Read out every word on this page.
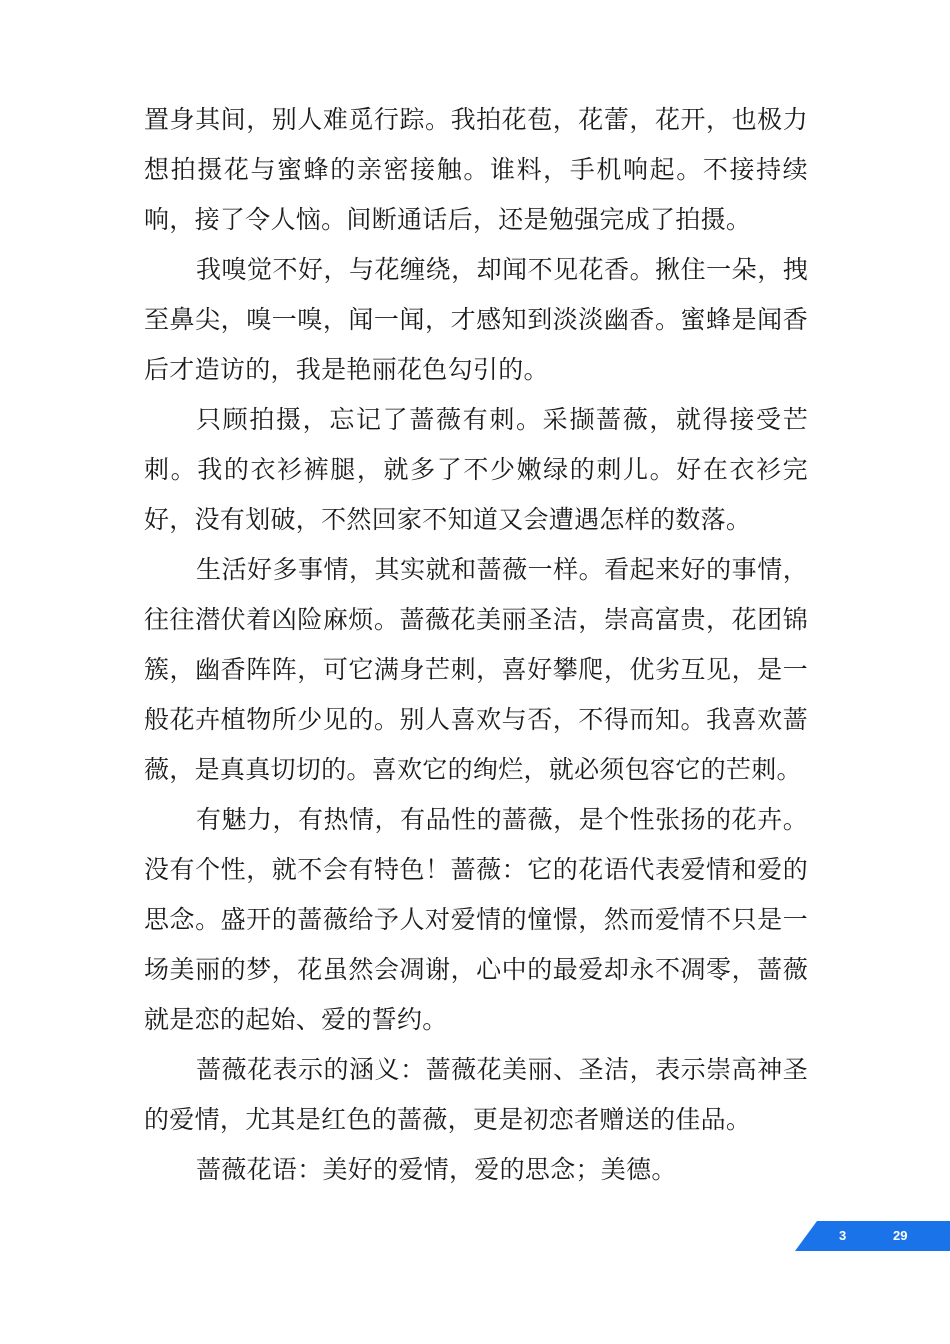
置身其间，别人难觅行踪。我拍花苞，花蕾，花开，也极力想拍摄花与蜜蜂的亲密接触。谁料，手机响起。不接持续响，接了令人恼。间断通话后，还是勉强完成了拍摄。

我嗅觉不好，与花缠绕，却闻不见花香。揪住一朵，拽至鼻尖，嗅一嗅，闻一闻，才感知到淡淡幽香。蜜蜂是闻香后才造访的，我是艳丽花色勾引的。

只顾拍摄，忘记了蔷薇有刺。采撷蔷薇，就得接受芒刺。我的衣衫裤腿，就多了不少嫩绿的刺儿。好在衣衫完好，没有划破，不然回家不知道又会遭遇怎样的数落。

生活好多事情，其实就和蔷薇一样。看起来好的事情，往往潜伏着凶险麻烦。蔷薇花美丽圣洁，崇高富贵，花团锦簇，幽香阵阵，可它满身芒刺，喜好攀爬，优劣互见，是一般花卉植物所少见的。别人喜欢与否，不得而知。我喜欢蔷薇，是真真切切的。喜欢它的绚烂，就必须包容它的芒刺。

有魅力，有热情，有品性的蔷薇，是个性张扬的花卉。没有个性，就不会有特色！蔷薇：它的花语代表爱情和爱的思念。盛开的蔷薇给予人对爱情的憧憬，然而爱情不只是一场美丽的梦，花虽然会凋谢，心中的最爱却永不凋零，蔷薇就是恋的起始、爱的誓约。

蔷薇花表示的涵义：蔷薇花美丽、圣洁，表示崇高神圣的爱情，尤其是红色的蔷薇，更是初恋者赠送的佳品。

蔷薇花语：美好的爱情，爱的思念；美德。

3	29
